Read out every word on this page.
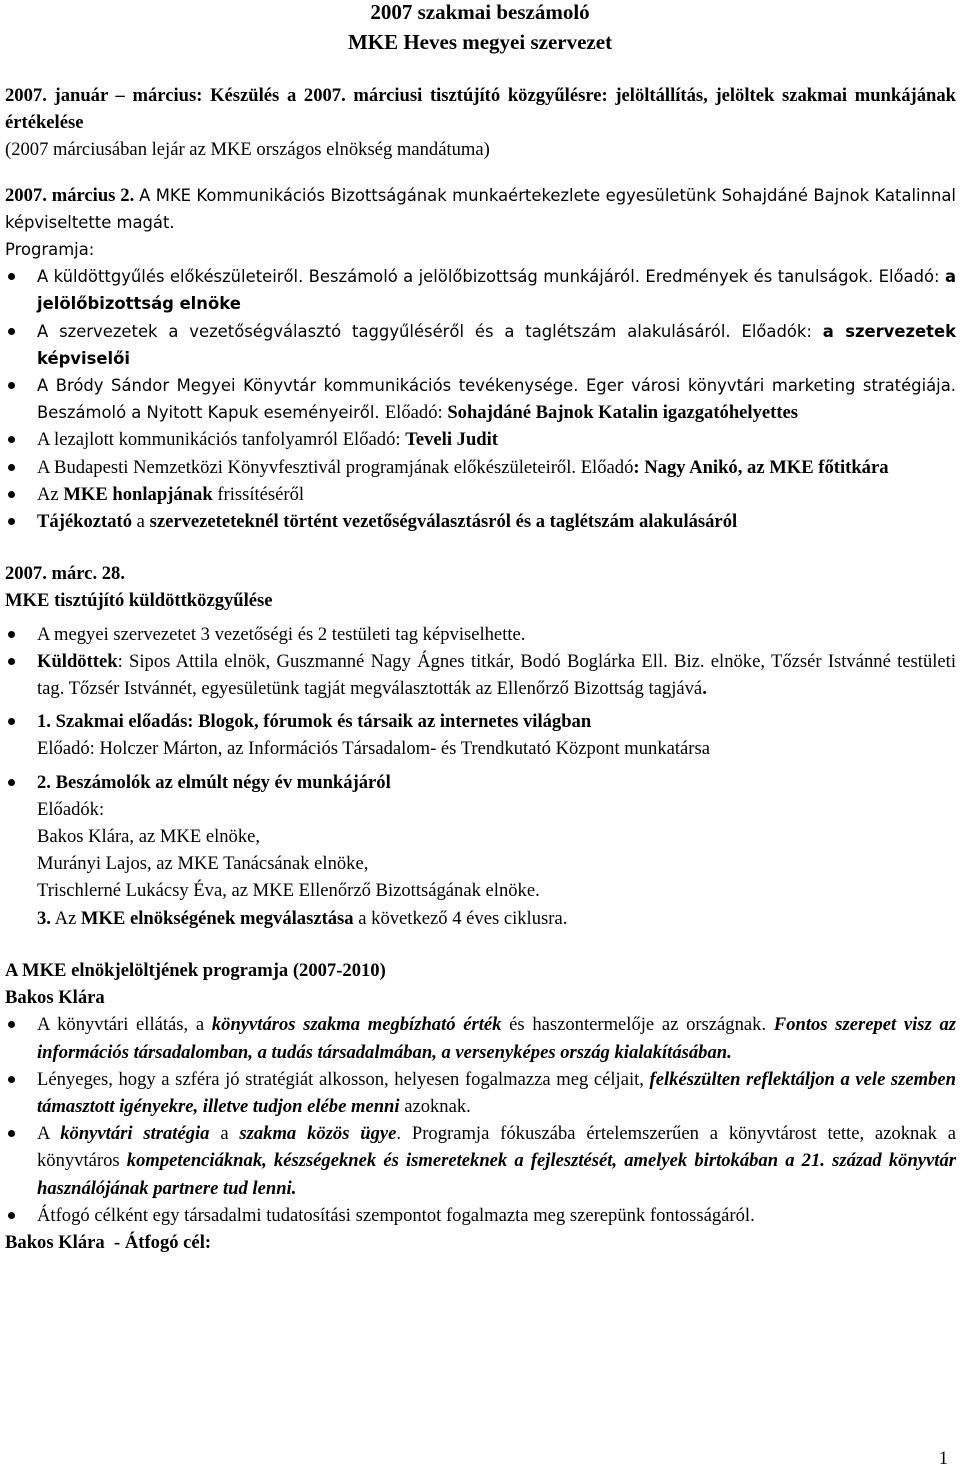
2007 szakmai beszámoló
MKE Heves megyei szervezet

2007. január – március: Készülés a 2007. márciusi tisztújító közgyűlésre: jelöltállítás, jelöltek szakmai munkájának értékelése
(2007 márciusában lejár az MKE országos elnökség mandátuma)

2007. március 2. A MKE Kommunikációs Bizottságának munkaértekezlete egyesületünk Sohajdáné Bajnok Katalinnal képviseltette magát.

Programja:

A küldöttgyűlés előkészületeiről. Beszámoló a jelölőbizottság munkájáról. Eredmények és tanulságok. Előadó: a jelölőbizottság elnöke
A szervezetek a vezetőségválasztó taggyűléséről és a taglétszám alakulásáról. Előadók: a szervezetek képviselői
A Bródy Sándor Megyei Könyvtár kommunikációs tevékenysége. Eger városi könyvtári marketing stratégiája. Beszámoló a Nyitott Kapuk eseményeiről. Előadó: Sohajdáné Bajnok Katalin igazgatóhelyettes
A lezajlott kommunikációs tanfolyamról Előadó: Teveli Judit
A Budapesti Nemzetközi Könyvfesztivál programjának előkészületeiről. Előadó: Nagy Anikó, az MKE főtitkára
Az MKE honlapjának frissítéséről
Tájékoztató a szervezeteteknél történt vezetőségválasztásról és a taglétszám alakulásáról

2007. márc. 28.

MKE tisztújító küldöttközgyűlése

A megyei szervezetet 3 vezetőségi és 2 testületi tag képviselhette.
Küldöttek: Sipos Attila elnök, Guszmanné Nagy Ágnes titkár, Bodó Boglárka Ell. Biz. elnöke, Tőzsér Istvánné testületi tag. Tőzsér Istvánnét, egyesületünk tagját megválasztották az Ellenőrző Bizottság tagjává.
1. Szakmai előadás: Blogok, fórumok és társaik az internetes világban
Előadó: Holczer Márton, az Információs Társadalom- és Trendkutató Központ munkatársa
2. Beszámolók az elmúlt négy év munkájáról
Előadók:
Bakos Klára, az MKE elnöke,
Murányi Lajos, az MKE Tanácsának elnöke,
Trischlerné Lukácsy Éva, az MKE Ellenőrző Bizottságának elnöke.

3. Az MKE elnökségének megválasztása a következő 4 éves ciklusra.

A MKE elnökjelöltjének programja (2007-2010)

Bakos Klára

A könyvtári ellátás, a könyvtáros szakma megbízható érték és haszontermelője az országnak. Fontos szerepet visz az információs társadalomban, a tudás társadalmában, a versenyképes ország kialakításában.
Lényeges, hogy a szféra jó stratégiát alkosson, helyesen fogalmazza meg céljait, felkészülten reflektáljon a vele szemben támasztott igényekre, illetve tudjon elébe menni azoknak.
A könyvtári stratégia a szakma közös ügye. Programja fókuszába értelemszerűen a könyvtárost tette, azoknak a könyvtáros kompetenciáknak, készségeknek és ismereteknek a fejlesztését, amelyek birtokában a 21. század könyvtár használójának partnere tud lenni.
Átfogó célként egy társadalmi tudatosítási szempontot fogalmazta meg szerepünk fontosságáról.

Bakos Klára  - Átfogó cél:

1
